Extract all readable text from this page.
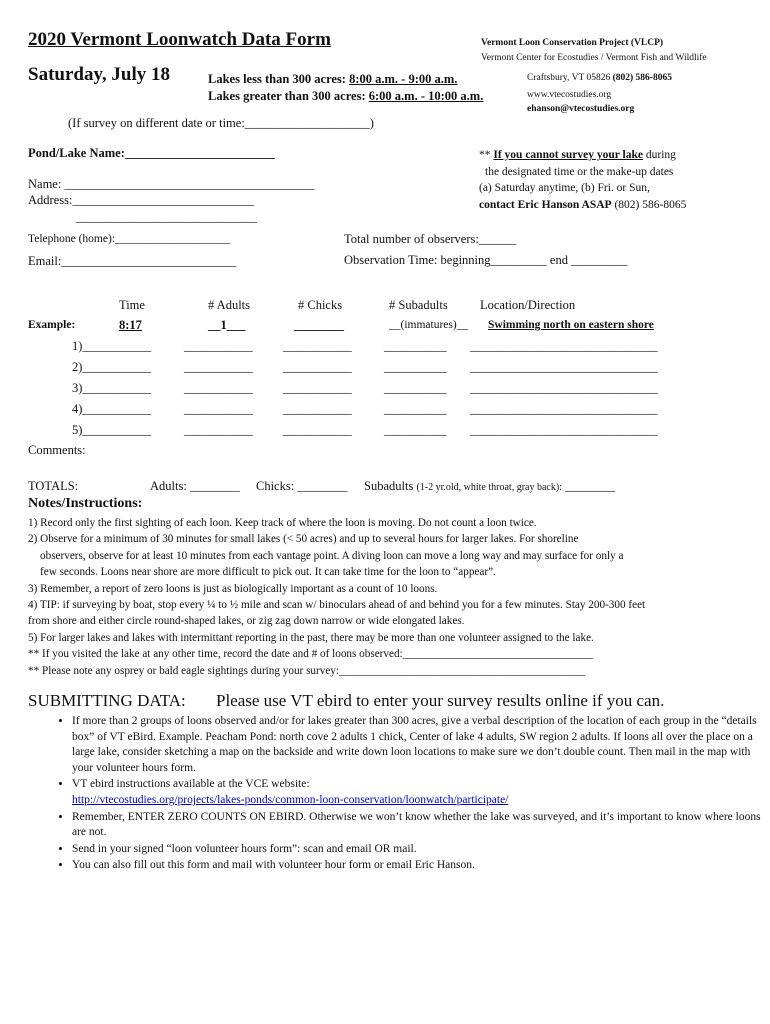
2020 Vermont Loonwatch Data Form
Saturday, July 18
Vermont Loon Conservation Project (VLCP)
Vermont Center for Ecostudies / Vermont Fish and Wildlife
Craftsbury, VT 05826 (802) 586-8065
www.vtecostudies.org
ehanson@vtecostudies.org
Lakes less than 300 acres: 8:00 a.m. - 9:00 a.m.
Lakes greater than 300 acres: 6:00 a.m. - 10:00 a.m.
(If survey on different date or time:____________________)
Pond/Lake Name:________________________
Name: ________________________________________
Address:_____________________________
_____________________________
Telephone (home):____________________
Email:____________________________
Total number of observers:______
Observation Time: beginning_________ end _________
** If you cannot survey your lake during
the designated time or the make-up dates
(a) Saturday anytime, (b) Fri. or Sun,
contact Eric Hanson ASAP (802) 586-8065
Time	# Adults	# Chicks	# Subadults	Location/Direction
Example:	8:17	__1___	________	__(immatures)__ Swimming north on eastern shore
1)___________	___________ ___________	__________ ______________________________
2)___________	___________ ___________	__________ ______________________________
3)___________	___________ ___________	__________ ______________________________
4)___________	___________ ___________	__________ ______________________________
5)___________	___________ ___________	__________ ______________________________
Comments:
TOTALS:	Adults: ________ Chicks: ________ Subadults (1-2 yr.old, white throat, gray back): ________
Notes/Instructions:
1) Record only the first sighting of each loon. Keep track of where the loon is moving. Do not count a loon twice.
2) Observe for a minimum of 30 minutes for small lakes (< 50 acres) and up to several hours for larger lakes. For shoreline
observers, observe for at least 10 minutes from each vantage point. A diving loon can move a long way and may surface for only a
few seconds. Loons near shore are more difficult to pick out. It can take time for the loon to “appear”.
3) Remember, a report of zero loons is just as biologically important as a count of 10 loons.
4) TIP: if surveying by boat, stop every ¼ to ½ mile and scan w/ binoculars ahead of and behind you for a few minutes. Stay 200-300 feet
from shore and either circle round-shaped lakes, or zig zag down narrow or wide elongated lakes.
5) For larger lakes and lakes with intermittant reporting in the past, there may be more than one volunteer assigned to the lake.
** If you visited the lake at any other time, record the date and # of loons observed:__________________________________
** Please note any osprey or bald eagle sightings during your survey:____________________________________________
SUBMITTING DATA: Please use VT ebird to enter your survey results online if you can.
• If more than 2 groups of loons observed and/or for lakes greater than 300 acres, give a verbal description of the location of each group in the “details box” of VT eBird. Example. Peacham Pond: north cove 2 adults 1 chick, Center of lake 4 adults, SW region 2 adults. If loons all over the place on a large lake, consider sketching a map on the backside and write down loon locations to make sure we don’t double count. Then mail in the map with your volunteer hours form.
• VT ebird instructions available at the VCE website:
http://vtecostudies.org/projects/lakes-ponds/common-loon-conservation/loonwatch/participate/
• Remember, ENTER ZERO COUNTS ON EBIRD. Otherwise we won’t know whether the lake was surveyed, and it’s important to know where loons are not.
• Send in your signed “loon volunteer hours form”: scan and email OR mail.
• You can also fill out this form and mail with volunteer hour form or email Eric Hanson.
